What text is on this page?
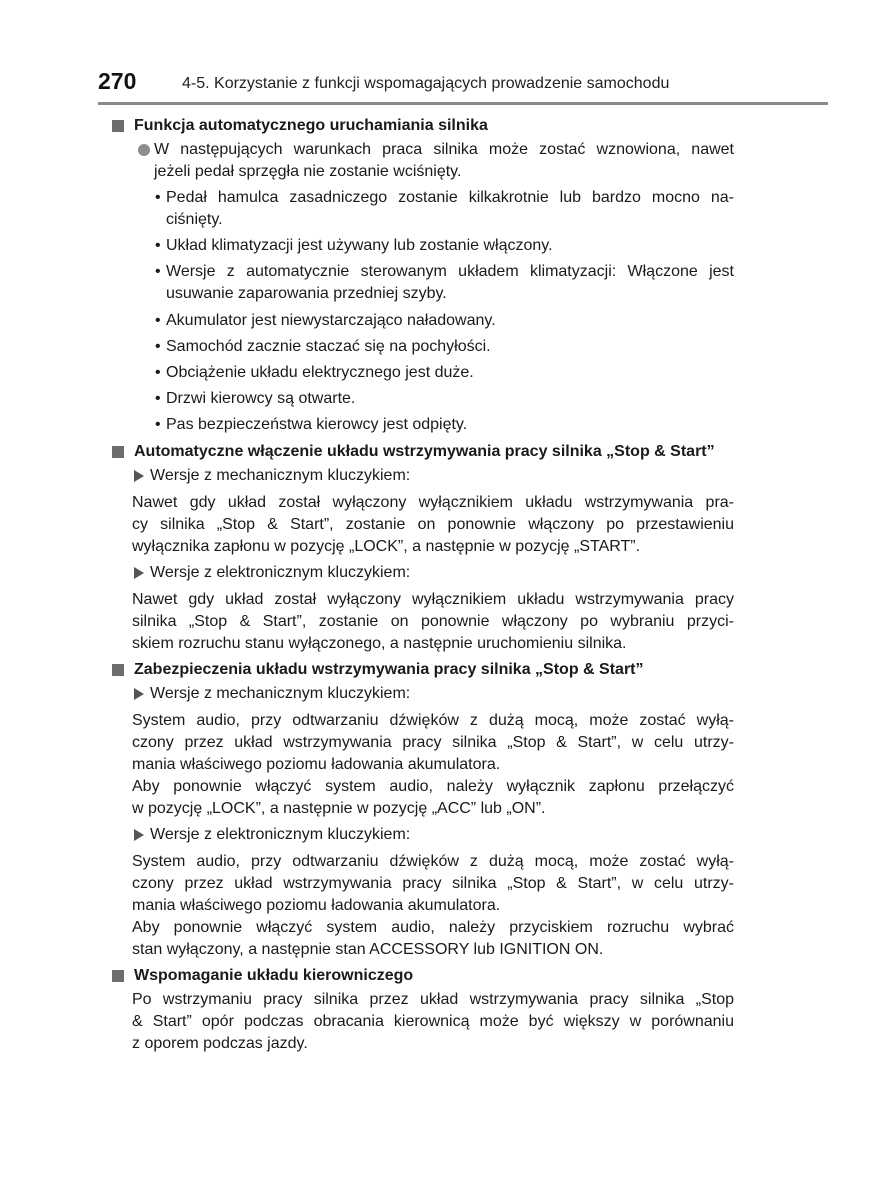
270	4-5. Korzystanie z funkcji wspomagających prowadzenie samochodu
Funkcja automatycznego uruchamiania silnika
W następujących warunkach praca silnika może zostać wznowiona, nawet
jeżeli pedał sprzęgła nie zostanie wciśnięty.
• Pedał hamulca zasadniczego zostanie kilkakrotnie lub bardzo mocno na-
ciśnięty.
• Układ klimatyzacji jest używany lub zostanie włączony.
• Wersje z automatycznie sterowanym układem klimatyzacji: Włączone jest
usuwanie zaparowania przedniej szyby.
• Akumulator jest niewystarczająco naładowany.
• Samochód zacznie staczać się na pochyłości.
• Obciążenie układu elektrycznego jest duże.
• Drzwi kierowcy są otwarte.
• Pas bezpieczeństwa kierowcy jest odpięty.
Automatyczne włączenie układu wstrzymywania pracy silnika „Stop & Start”
Wersje z mechanicznym kluczykiem:
Nawet gdy układ został wyłączony wyłącznikiem układu wstrzymywania pra-
cy silnika „Stop & Start”, zostanie on ponownie włączony po przestawieniu
wyłącznika zapłonu w pozycję „LOCK”, a następnie w pozycję „START”.
Wersje z elektronicznym kluczykiem:
Nawet gdy układ został wyłączony wyłącznikiem układu wstrzymywania pracy
silnika „Stop & Start”, zostanie on ponownie włączony po wybraniu przyci-
skiem rozruchu stanu wyłączonego, a następnie uruchomieniu silnika.
Zabezpieczenia układu wstrzymywania pracy silnika „Stop & Start”
Wersje z mechanicznym kluczykiem:
System audio, przy odtwarzaniu dźwięków z dużą mocą, może zostać wyłą-
czony przez układ wstrzymywania pracy silnika „Stop & Start”, w celu utrzy-
mania właściwego poziomu ładowania akumulatora.
Aby ponownie włączyć system audio, należy wyłącznik zapłonu przełączyć
w pozycję „LOCK”, a następnie w pozycję „ACC” lub „ON”.
Wersje z elektronicznym kluczykiem:
System audio, przy odtwarzaniu dźwięków z dużą mocą, może zostać wyłą-
czony przez układ wstrzymywania pracy silnika „Stop & Start”, w celu utrzy-
mania właściwego poziomu ładowania akumulatora.
Aby ponownie włączyć system audio, należy przyciskiem rozruchu wybrać
stan wyłączony, a następnie stan ACCESSORY lub IGNITION ON.
Wspomaganie układu kierowniczego
Po wstrzymaniu pracy silnika przez układ wstrzymywania pracy silnika „Stop
& Start” opór podczas obracania kierownicą może być większy w porównaniu
z oporem podczas jazdy.
